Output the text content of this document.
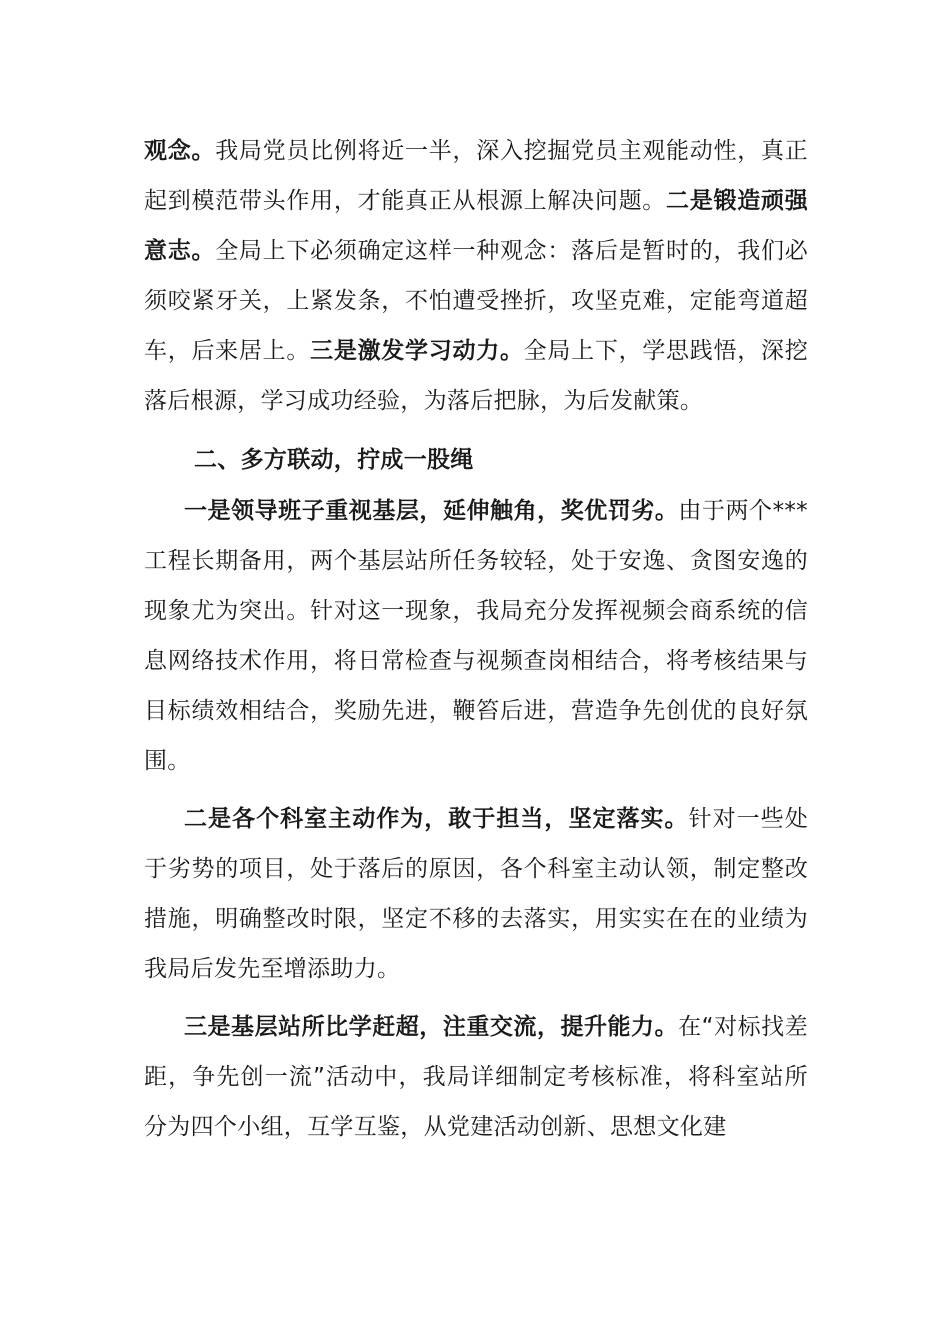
观念。我局党员比例将近一半，深入挖掘党员主观能动性，真正起到模范带头作用，才能真正从根源上解决问题。二是锻造顽强意志。全局上下必须确定这样一种观念：落后是暂时的，我们必须咬紧牙关，上紧发条，不怕遭受挫折，攻坚克难，定能弯道超车，后来居上。三是激发学习动力。全局上下，学思践悟，深挖落后根源，学习成功经验，为落后把脉，为后发献策。

二、多方联动，拧成一股绳

一是领导班子重视基层，延伸触角，奖优罚劣。由于两个***工程长期备用，两个基层站所任务较轻，处于安逸、贪图安逸的现象尤为突出。针对这一现象，我局充分发挥视频会商系统的信息网络技术作用，将日常检查与视频查岗相结合，将考核结果与目标绩效相结合，奖励先进，鞭笞后进，营造争先创优的良好氛围。

二是各个科室主动作为，敢于担当，坚定落实。针对一些处于劣势的项目，处于落后的原因，各个科室主动认领，制定整改措施，明确整改时限，坚定不移的去落实，用实实在在的业绩为我局后发先至增添助力。

三是基层站所比学赶超，注重交流，提升能力。在“对标找差距，争先创一流”活动中，我局详细制定考核标准，将科室站所分为四个小组，互学互鉴，从党建活动创新、思想文化建
